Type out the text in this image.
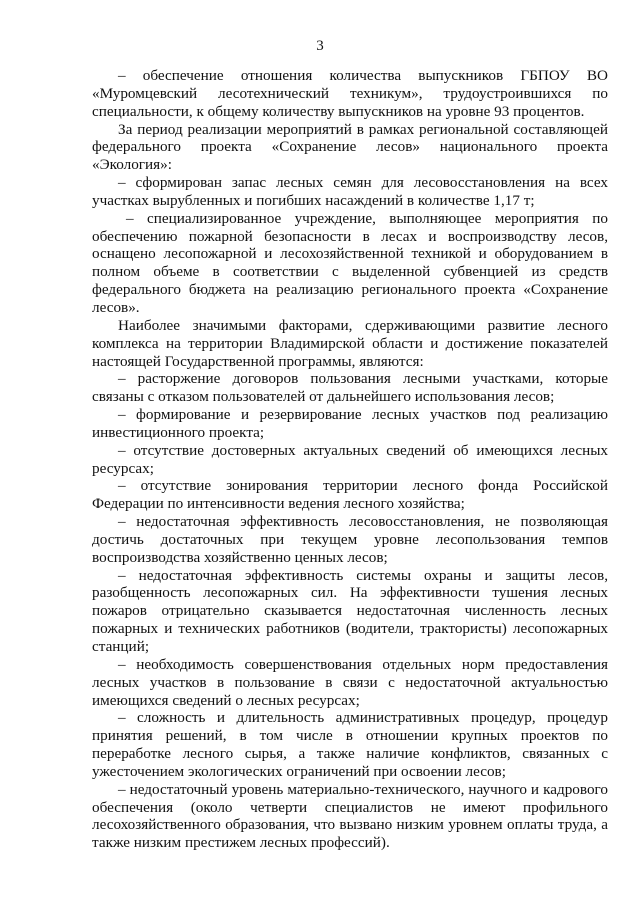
3

– обеспечение отношения количества выпускников ГБПОУ ВО «Муромцевский лесотехнический техникум», трудоустроившихся по специальности, к общему количеству выпускников на уровне 93 процентов.

За период реализации мероприятий в рамках региональной составляющей федерального проекта «Сохранение лесов» национального проекта «Экология»:

– сформирован запас лесных семян для лесовосстановления на всех участках вырубленных и погибших насаждений в количестве 1,17 т;

– специализированное учреждение, выполняющее мероприятия по обеспечению пожарной безопасности в лесах и воспроизводству лесов, оснащено лесопожарной и лесохозяйственной техникой и оборудованием в полном объеме в соответствии с выделенной субвенцией из средств федерального бюджета на реализацию регионального проекта «Сохранение лесов».

Наиболее значимыми факторами, сдерживающими развитие лесного комплекса на территории Владимирской области и достижение показателей настоящей Государственной программы, являются:

– расторжение договоров пользования лесными участками, которые связаны с отказом пользователей от дальнейшего использования лесов;

– формирование и резервирование лесных участков под реализацию инвестиционного проекта;

– отсутствие достоверных актуальных сведений об имеющихся лесных ресурсах;

– отсутствие зонирования территории лесного фонда Российской Федерации по интенсивности ведения лесного хозяйства;

– недостаточная эффективность лесовосстановления, не позволяющая достичь достаточных при текущем уровне лесопользования темпов воспроизводства хозяйственно ценных лесов;

– недостаточная эффективность системы охраны и защиты лесов, разобщенность лесопожарных сил. На эффективности тушения лесных пожаров отрицательно сказывается недостаточная численность лесных пожарных и технических работников (водители, трактористы) лесопожарных станций;

– необходимость совершенствования отдельных норм предоставления лесных участков в пользование в связи с недостаточной актуальностью имеющихся сведений о лесных ресурсах;

– сложность и длительность административных процедур, процедур принятия решений, в том числе в отношении крупных проектов по переработке лесного сырья, а также наличие конфликтов, связанных с ужесточением экологических ограничений при освоении лесов;

– недостаточный уровень материально-технического, научного и кадрового обеспечения (около четверти специалистов не имеют профильного лесохозяйственного образования, что вызвано низким уровнем оплаты труда, а также низким престижем лесных профессий).
